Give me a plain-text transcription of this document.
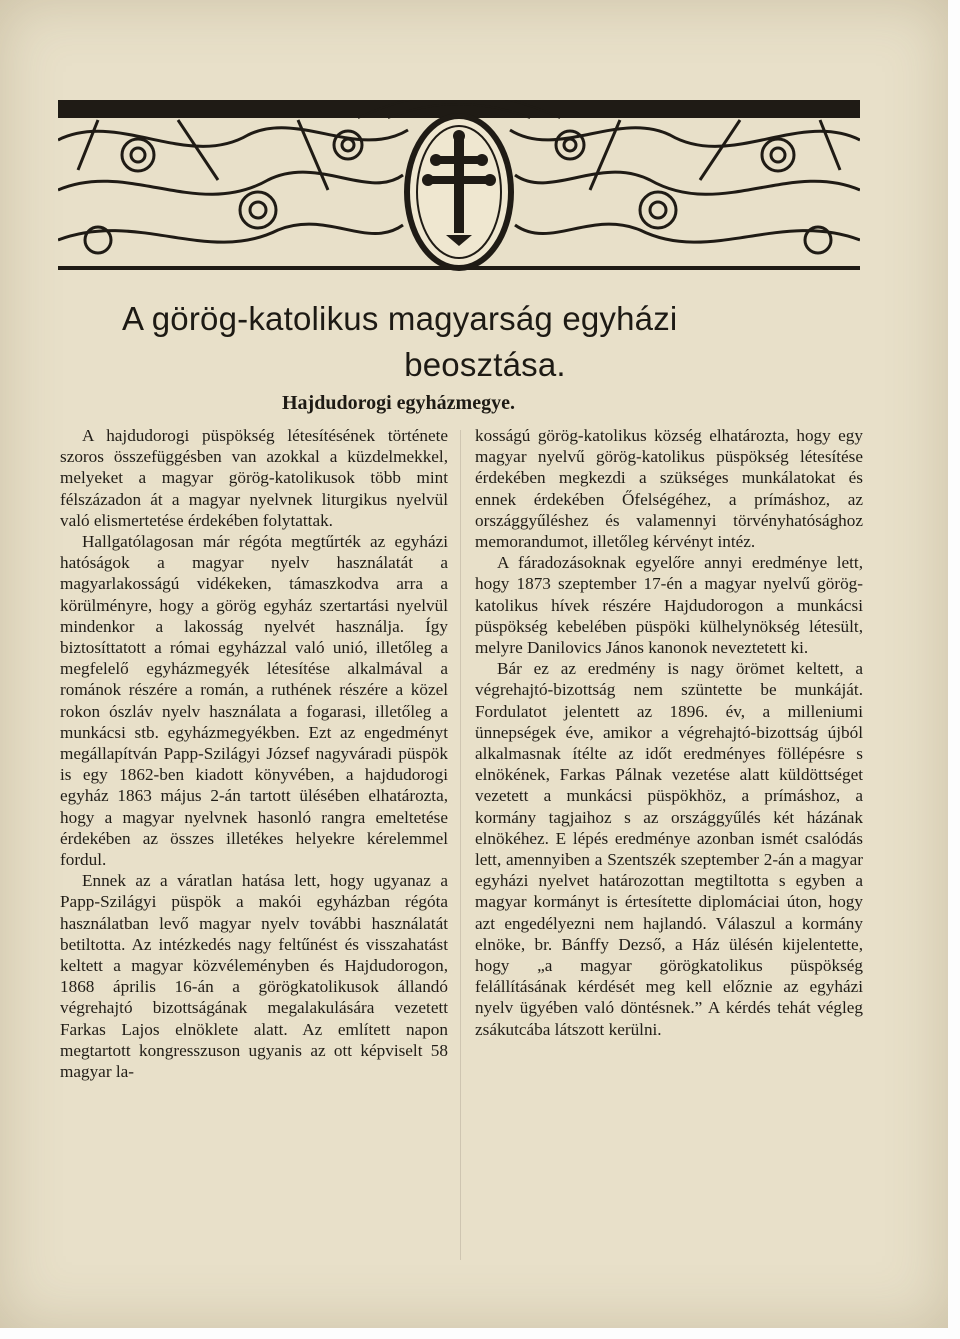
A görög-katolikus magyarság egyházi
beosztása.
Hajdudorogi egyházmegye.

A hajdudorogi püspökség létesítésének története szoros összefüggésben van azokkal a küzdelmekkel, melyeket a magyar görög-katolikusok több mint félszázadon át a magyar nyelvnek liturgikus nyelvül való elismertetése érdekében folytattak.

Hallgatólagosan már régóta megtűrték az egyházi hatóságok a magyar nyelv használatát a magyarlakosságú vidékeken, támaszkodva arra a körülményre, hogy a görög egyház szertartási nyelvül mindenkor a lakosság nyelvét használja. Így biztosíttatott a római egyházzal való unió, illetőleg a megfelelő egyházmegyék létesítése alkalmával a románok részére a román, a ruthének részére a közel rokon ószláv nyelv használata a fogarasi, illetőleg a munkácsi stb. egyházmegyékben. Ezt az engedményt megállapítván Papp-Szilágyi József nagyváradi püspök is egy 1862-ben kiadott könyvében, a hajdudorogi egyház 1863 május 2-án tartott ülésében elhatározta, hogy a magyar nyelvnek hasonló rangra emeltetése érdekében az összes illetékes helyekre kérelemmel fordul.

Ennek az a váratlan hatása lett, hogy ugyanaz a Papp-Szilágyi püspök a makói egyházban régóta használatban levő magyar nyelv további használatát betiltotta. Az intézkedés nagy feltűnést és visszahatást keltett a magyar közvéleményben és Hajdudorogon, 1868 április 16-án a görögkatolikusok állandó végrehajtó bizottságának megalakulására vezetett Farkas Lajos elnöklete alatt. Az említett napon megtartott kongresszuson ugyanis az ott képviselt 58 magyar la-

kosságú görög-katolikus község elhatározta, hogy egy magyar nyelvű görög-katolikus püspökség létesítése érdekében megkezdi a szükséges munkálatokat és ennek érdekében Őfelségéhez, a prímáshoz, az országgyűléshez és valamennyi törvényhatósághoz memorandumot, illetőleg kérvényt intéz.

A fáradozásoknak egyelőre annyi eredménye lett, hogy 1873 szeptember 17-én a magyar nyelvű görög-katolikus hívek részére Hajdudorogon a munkácsi püspökség kebelében püspöki külhelynökség létesült, melyre Danilovics János kanonok neveztetett ki.

Bár ez az eredmény is nagy örömet keltett, a végrehajtó-bizottság nem szüntette be munkáját. Fordulatot jelentett az 1896. év, a milleniumi ünnepségek éve, amikor a végrehajtó-bizottság újból alkalmasnak ítélte az időt eredményes föllépésre s elnökének, Farkas Pálnak vezetése alatt küldöttséget vezetett a munkácsi püspökhöz, a prímáshoz, a kormány tagjaihoz s az országgyűlés két házának elnökéhez. E lépés eredménye azonban ismét csalódás lett, amennyiben a Szentszék szeptember 2-án a magyar egyházi nyelvet határozottan megtiltotta s egyben a magyar kormányt is értesítette diplomáciai úton, hogy azt engedélyezni nem hajlandó. Válaszul a kormány elnöke, br. Bánffy Dezső, a Ház ülésén kijelentette, hogy „a magyar görögkatolikus püspökség felállításának kérdését meg kell előznie az egyházi nyelv ügyében való döntésnek.” A kérdés tehát végleg zsákutcába látszott kerülni.
